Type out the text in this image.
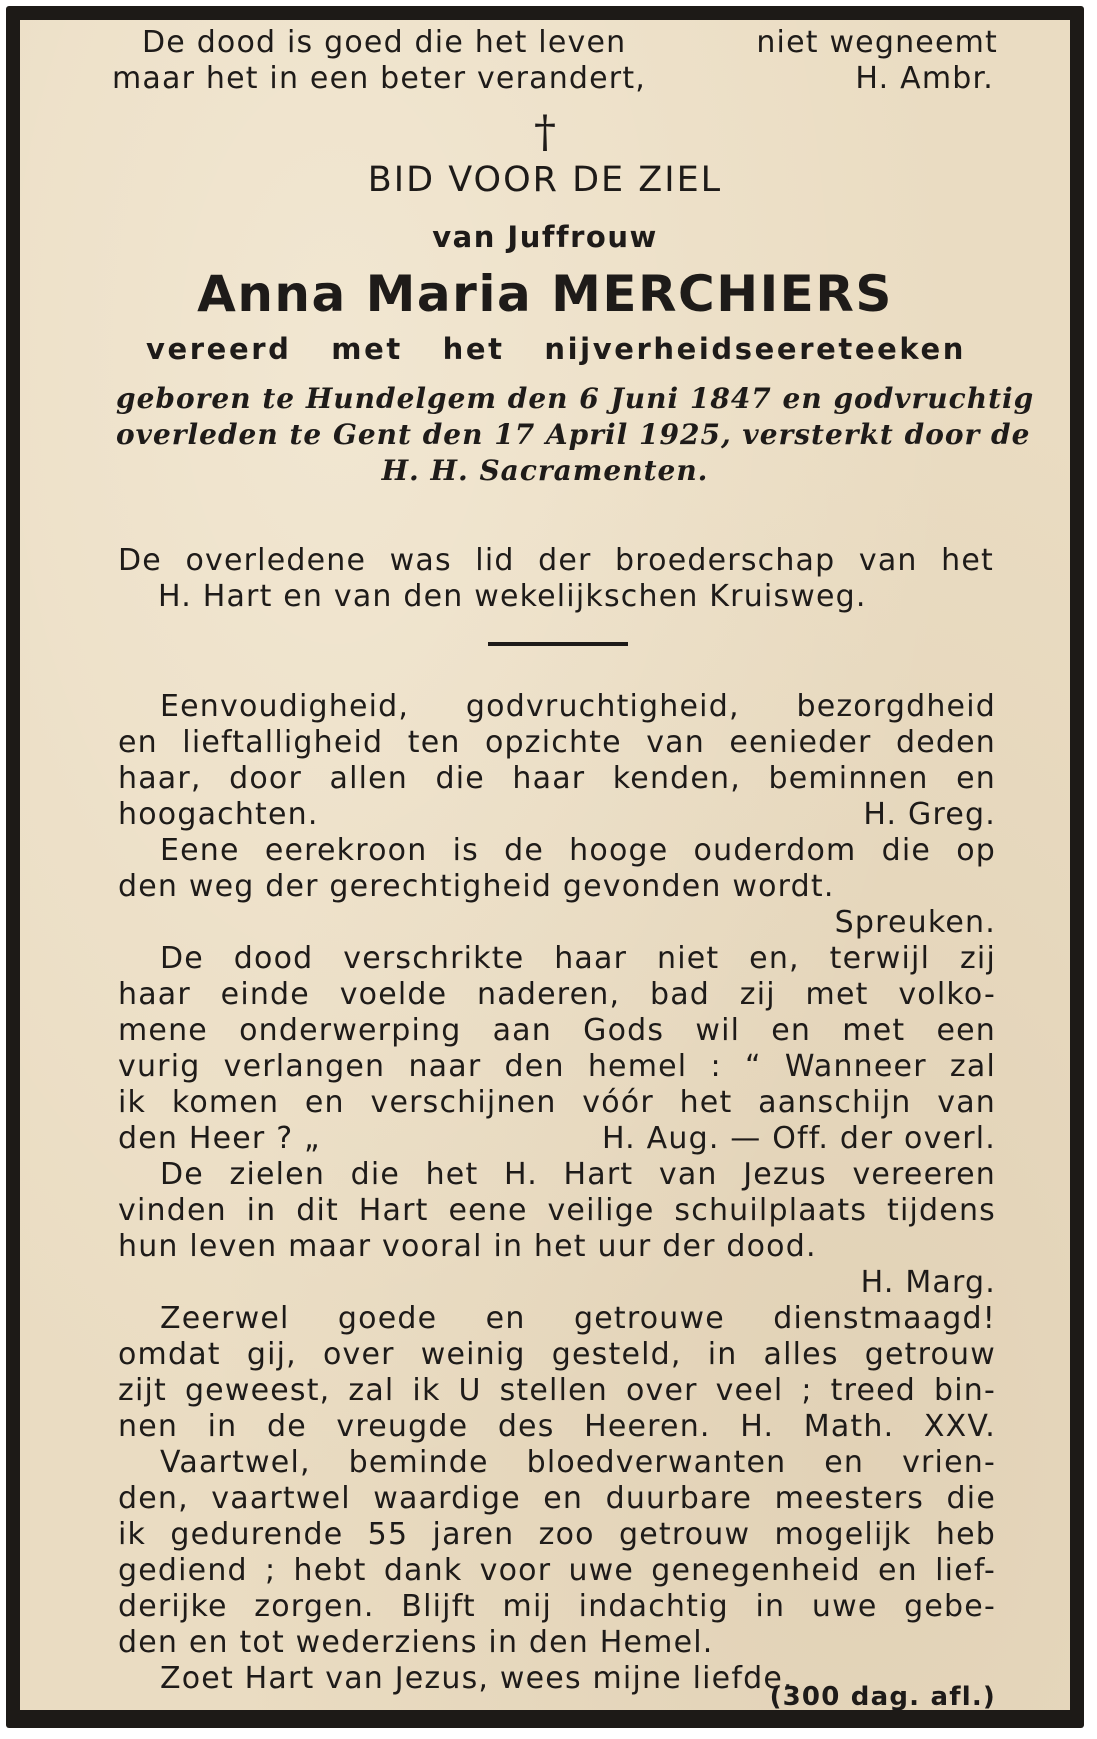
De dood is goed die het leven	niet wegneemt
maar het in een beter verandert,	H. Ambr.
†
BID VOOR DE ZIEL
van Juffrouw
Anna Maria MERCHIERS
vereerd met het nijverheidseereteeken
geboren te Hundelgem den 6 Juni 1847 en godvruchtig
overleden te Gent den 17 April 1925, versterkt door de
H. H. Sacramenten.
De overledene was lid der broederschap van het
H. Hart en van den wekelijkschen Kruisweg.
Eenvoudigheid, godvruchtigheid, bezorgdheid
en lieftalligheid ten opzichte van eenieder deden
haar, door allen die haar kenden, beminnen en
hoogachten.	H. Greg.
Eene eerekroon is de hooge ouderdom die op
den weg der gerechtigheid gevonden wordt.
Spreuken.
De dood verschrikte haar niet en, terwijl zij
haar einde voelde naderen, bad zij met volko-
mene onderwerping aan Gods wil en met een
vurig verlangen naar den hemel : “ Wanneer zal
ik komen en verschijnen vóór het aanschijn van
den Heer ? „	H. Aug. — Off. der overl.
De zielen die het H. Hart van Jezus vereeren
vinden in dit Hart eene veilige schuilplaats tijdens
hun leven maar vooral in het uur der dood.
H. Marg.
Zeerwel goede en getrouwe dienstmaagd!
omdat gij, over weinig gesteld, in alles getrouw
zijt geweest, zal ik U stellen over veel ; treed bin-
nen in de vreugde des Heeren. H. Math. XXV.
Vaartwel, beminde bloedverwanten en vrien-
den, vaartwel waardige en duurbare meesters die
ik gedurende 55 jaren zoo getrouw mogelijk heb
gediend ; hebt dank voor uwe genegenheid en lief-
derijke zorgen. Blijft mij indachtig in uwe gebe-
den en tot wederziens in den Hemel.
Zoet Hart van Jezus, wees mijne liefde.
(300 dag. afl.)
